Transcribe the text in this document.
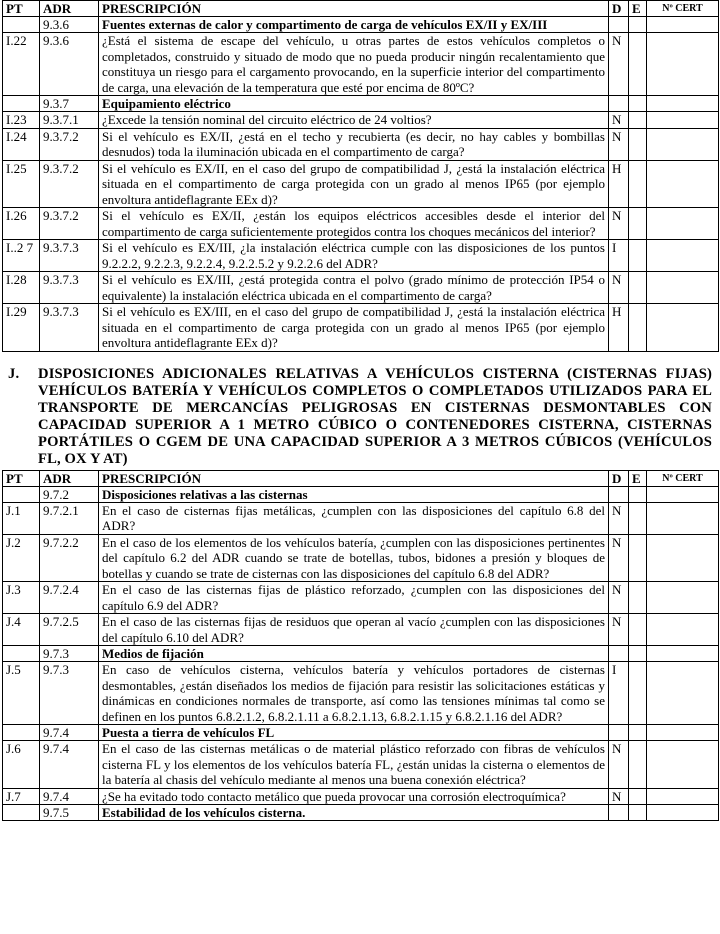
PT	ADR	PRESCRIPCIÓN	D	E	Nº CERT
	9.3.6	Fuentes externas de calor y compartimento de carga de vehículos EX/II y EX/III			
I.22	9.3.6	¿Está el sistema de escape del vehículo, u otras partes de estos vehículos completos o completados, construido y situado de modo que no pueda producir ningún recalentamiento que constituya un riesgo para el cargamento provocando, en la superficie interior del compartimento de carga, una elevación de la temperatura que esté por encima de 80ºC?	N		
	9.3.7	Equipamiento eléctrico			
I.23	9.3.7.1	¿Excede la tensión nominal del circuito eléctrico de 24 voltios?	N		
I.24	9.3.7.2	Si el vehículo es EX/II, ¿está en el techo y recubierta (es decir, no hay cables y bombillas desnudos) toda la iluminación ubicada en el compartimento de carga?	N		
I.25	9.3.7.2	Si el vehículo es EX/II, en el caso del grupo de compatibilidad J, ¿está la instalación eléctrica situada en el compartimento de carga protegida con un grado al menos IP65 (por ejemplo envoltura antideflagrante EEx d)?	H		
I.26	9.3.7.2	Si el vehículo es EX/II, ¿están los equipos eléctricos accesibles desde el interior del compartimento de carga suficientemente protegidos contra los choques mecánicos del interior?	N		
I..2 7	9.3.7.3	Si el vehículo es EX/III, ¿la instalación eléctrica cumple con las disposiciones de los puntos 9.2.2.2, 9.2.2.3, 9.2.2.4, 9.2.2.5.2 y 9.2.2.6 del ADR?	I		
I.28	9.3.7.3	Si el vehículo es EX/III, ¿está protegida contra el polvo (grado mínimo de protección IP54 o equivalente) la instalación eléctrica ubicada en el compartimento de carga?	N		
I.29	9.3.7.3	Si el vehículo es EX/III, en el caso del grupo de compatibilidad J, ¿está la instalación eléctrica situada en el compartimento de carga protegida con un grado al menos IP65 (por ejemplo envoltura antideflagrante EEx d)?	H		
J.	DISPOSICIONES ADICIONALES RELATIVAS A VEHÍCULOS CISTERNA (CISTERNAS FIJAS) VEHÍCULOS BATERÍA Y VEHÍCULOS COMPLETOS O COMPLETADOS UTILIZADOS PARA EL TRANSPORTE DE MERCANCÍAS PELIGROSAS EN CISTERNAS DESMONTABLES CON CAPACIDAD SUPERIOR A 1 METRO CÚBICO O CONTENEDORES CISTERNA, CISTERNAS PORTÁTILES O CGEM DE UNA CAPACIDAD SUPERIOR A 3 METROS CÚBICOS (VEHÍCULOS FL, OX Y AT)
PT	ADR	PRESCRIPCIÓN	D	E	Nº CERT
	9.7.2	Disposiciones relativas a las cisternas			
J.1	9.7.2.1	En el caso de cisternas fijas metálicas, ¿cumplen con las disposiciones del capítulo 6.8 del ADR?	N		
J.2	9.7.2.2	En el caso de los elementos de los vehículos batería, ¿cumplen con las disposiciones pertinentes del capítulo 6.2 del ADR cuando se trate de botellas, tubos, bidones a presión y bloques de botellas y cuando se trate de cisternas con las disposiciones del capítulo 6.8 del ADR?	N		
J.3	9.7.2.4	En el caso de las cisternas fijas de plástico reforzado, ¿cumplen con las disposiciones del capítulo 6.9 del ADR?	N		
J.4	9.7.2.5	En el caso de las cisternas fijas de residuos que operan al vacío ¿cumplen con las disposiciones del capítulo 6.10 del ADR?	N		
	9.7.3	Medios de fijación			
J.5	9.7.3	En caso de vehículos cisterna, vehículos batería y vehículos portadores de cisternas desmontables, ¿están diseñados los medios de fijación para resistir las solicitaciones estáticas y dinámicas en condiciones normales de transporte, así como las tensiones mínimas tal como se definen en los puntos 6.8.2.1.2, 6.8.2.1.11 a 6.8.2.1.13, 6.8.2.1.15 y 6.8.2.1.16 del ADR?	I		
	9.7.4	Puesta a tierra de vehículos FL			
J.6	9.7.4	En el caso de las cisternas metálicas o de material plástico reforzado con fibras de vehículos cisterna FL y los elementos de los vehículos batería FL, ¿están unidas la cisterna o elementos de la batería al chasis del vehículo mediante al menos una buena conexión eléctrica?	N		
J.7	9.7.4	¿Se ha evitado todo contacto metálico que pueda provocar una corrosión electroquímica?	N		
	9.7.5	Estabilidad de los vehículos cisterna.			
